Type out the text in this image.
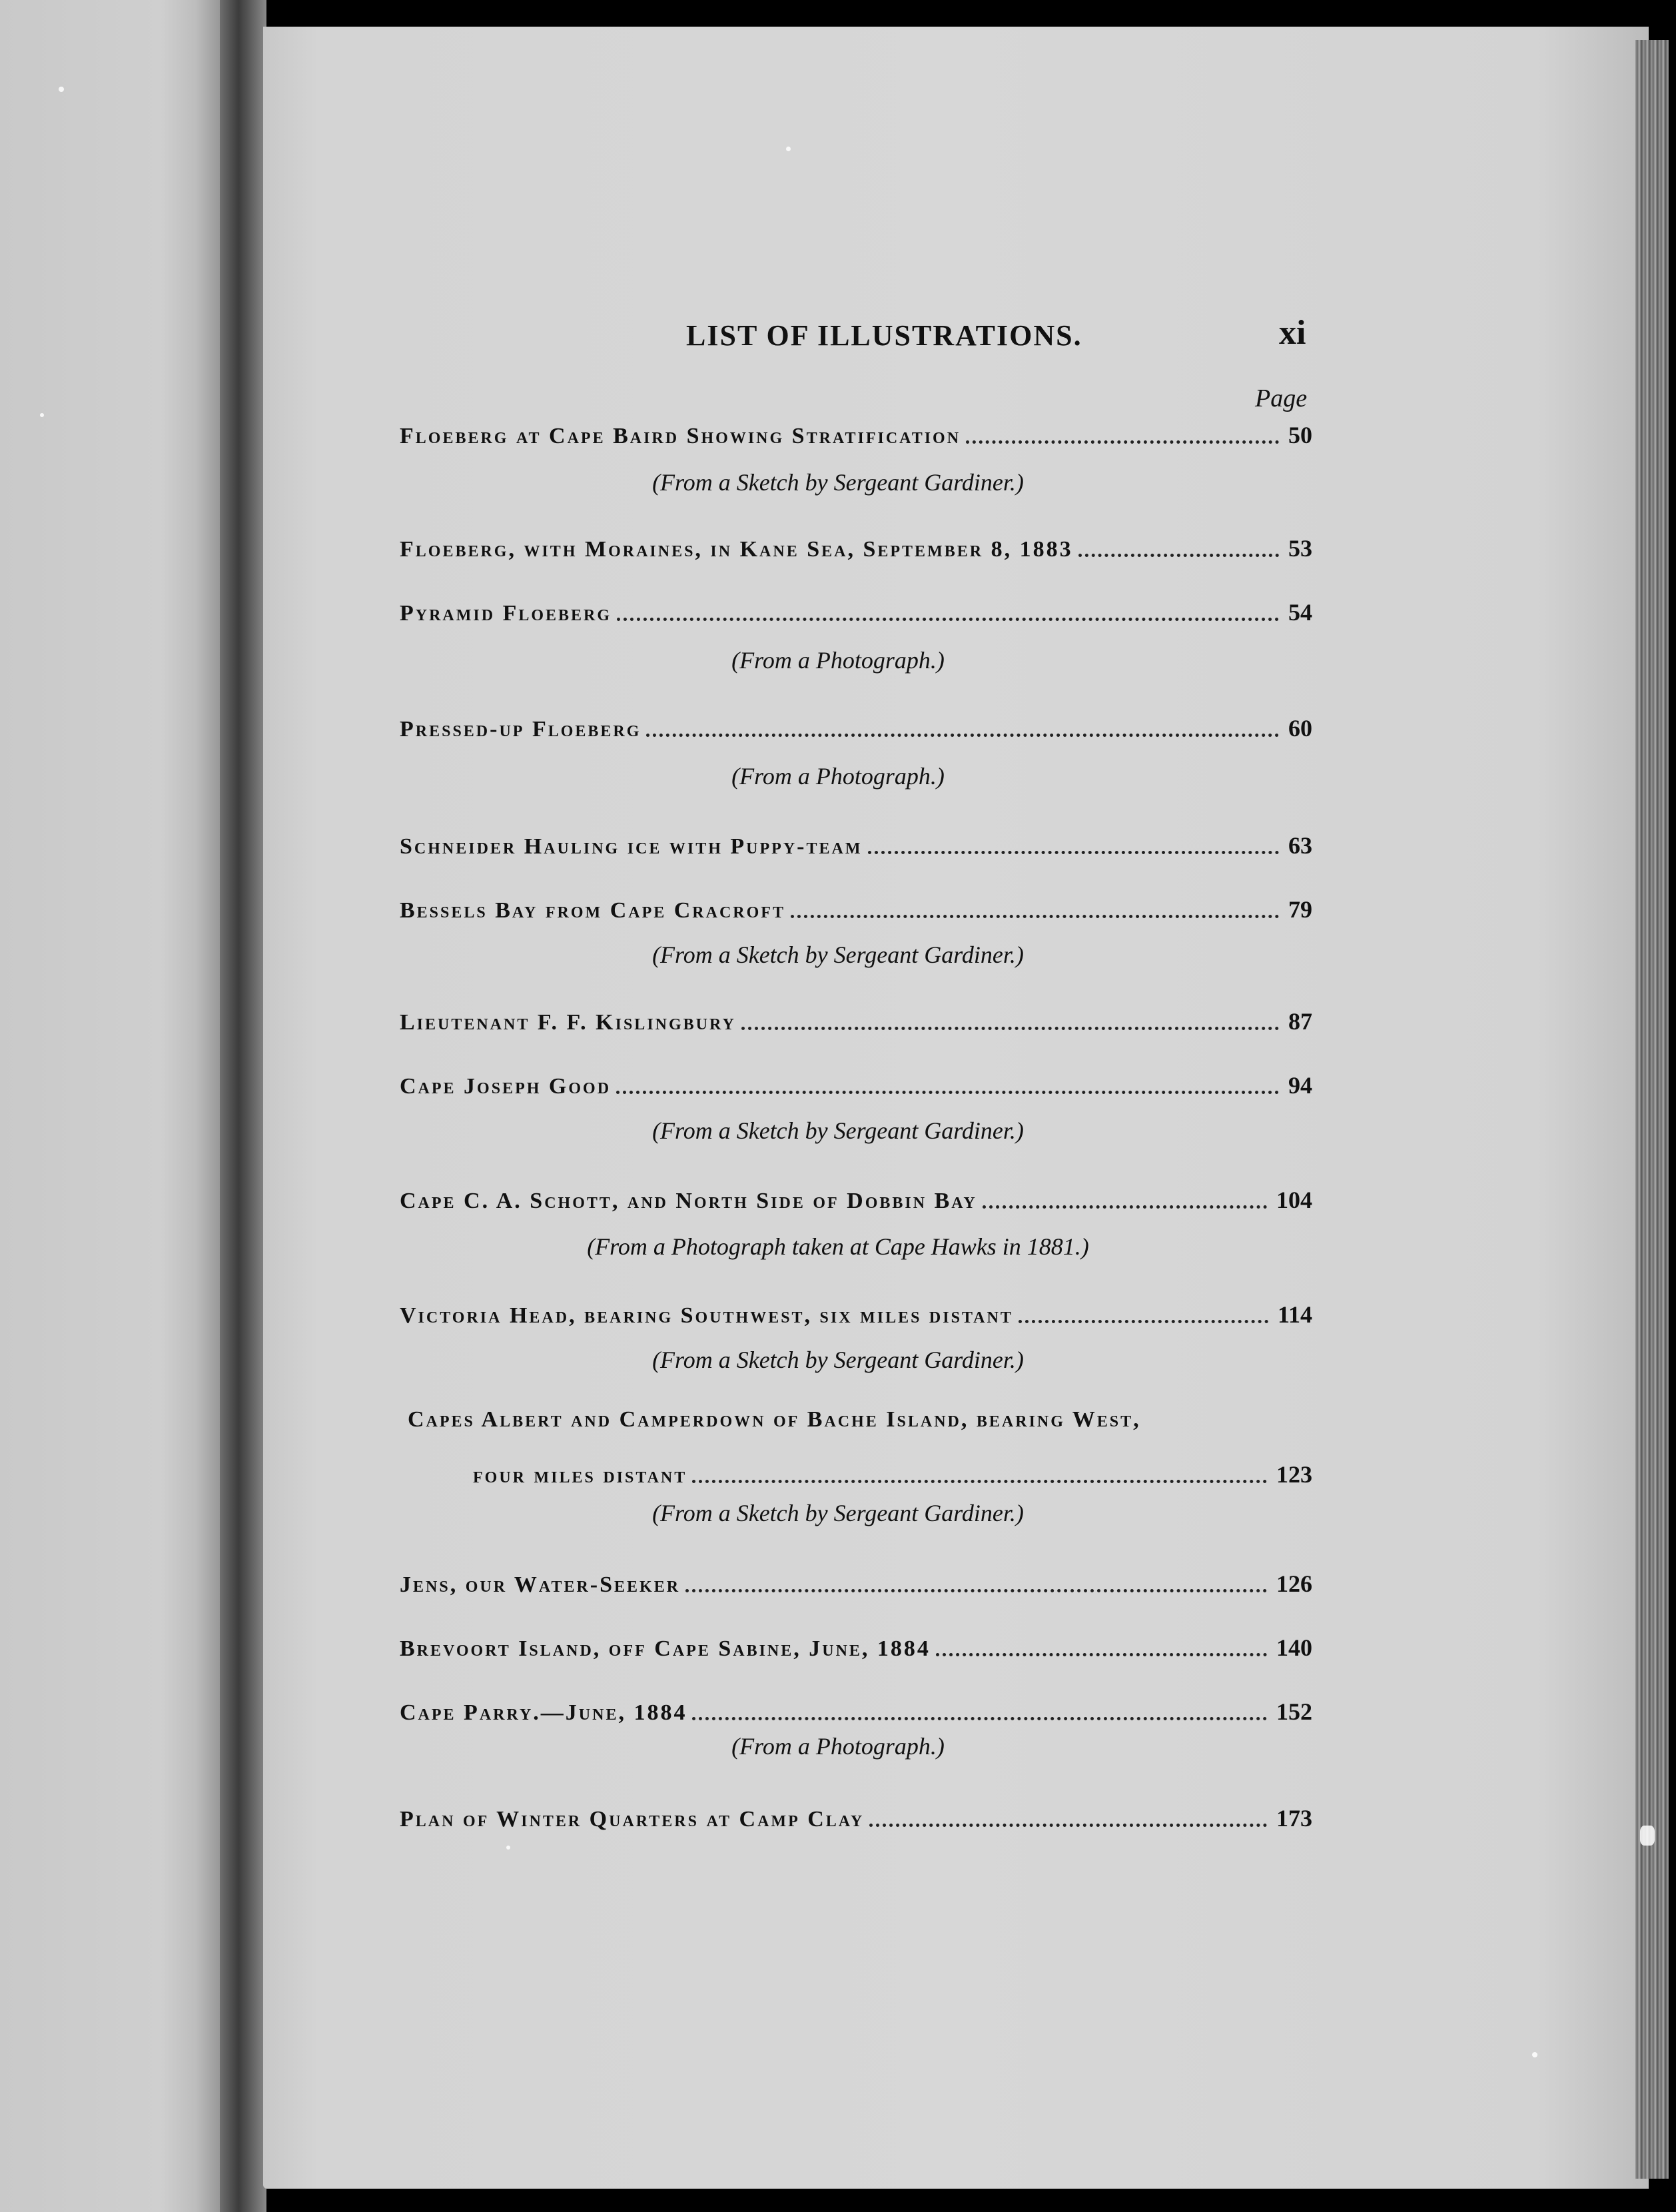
LIST OF ILLUSTRATIONS.	xi
Page
Floeberg at Cape Baird Showing Stratification	50
(From a Sketch by Sergeant Gardiner.)
Floeberg, with Moraines, in Kane Sea, September 8, 1883	53
Pyramid Floeberg	54
(From a Photograph.)
Pressed-up Floeberg	60
(From a Photograph.)
Schneider Hauling ice with Puppy-team	63
Bessels Bay from Cape Cracroft	79
(From a Sketch by Sergeant Gardiner.)
Lieutenant F. F. Kislingbury	87
Cape Joseph Good	94
(From a Sketch by Sergeant Gardiner.)
Cape C. A. Schott, and North Side of Dobbin Bay	104
(From a Photograph taken at Cape Hawks in 1881.)
Victoria Head, bearing Southwest, six miles distant	114
(From a Sketch by Sergeant Gardiner.)
Capes Albert and Camperdown of Bache Island, bearing West,
four miles distant	123
(From a Sketch by Sergeant Gardiner.)
Jens, our Water-Seeker	126
Brevoort Island, off Cape Sabine, June, 1884	140
Cape Parry.—June, 1884	152
(From a Photograph.)
Plan of Winter Quarters at Camp Clay	173
